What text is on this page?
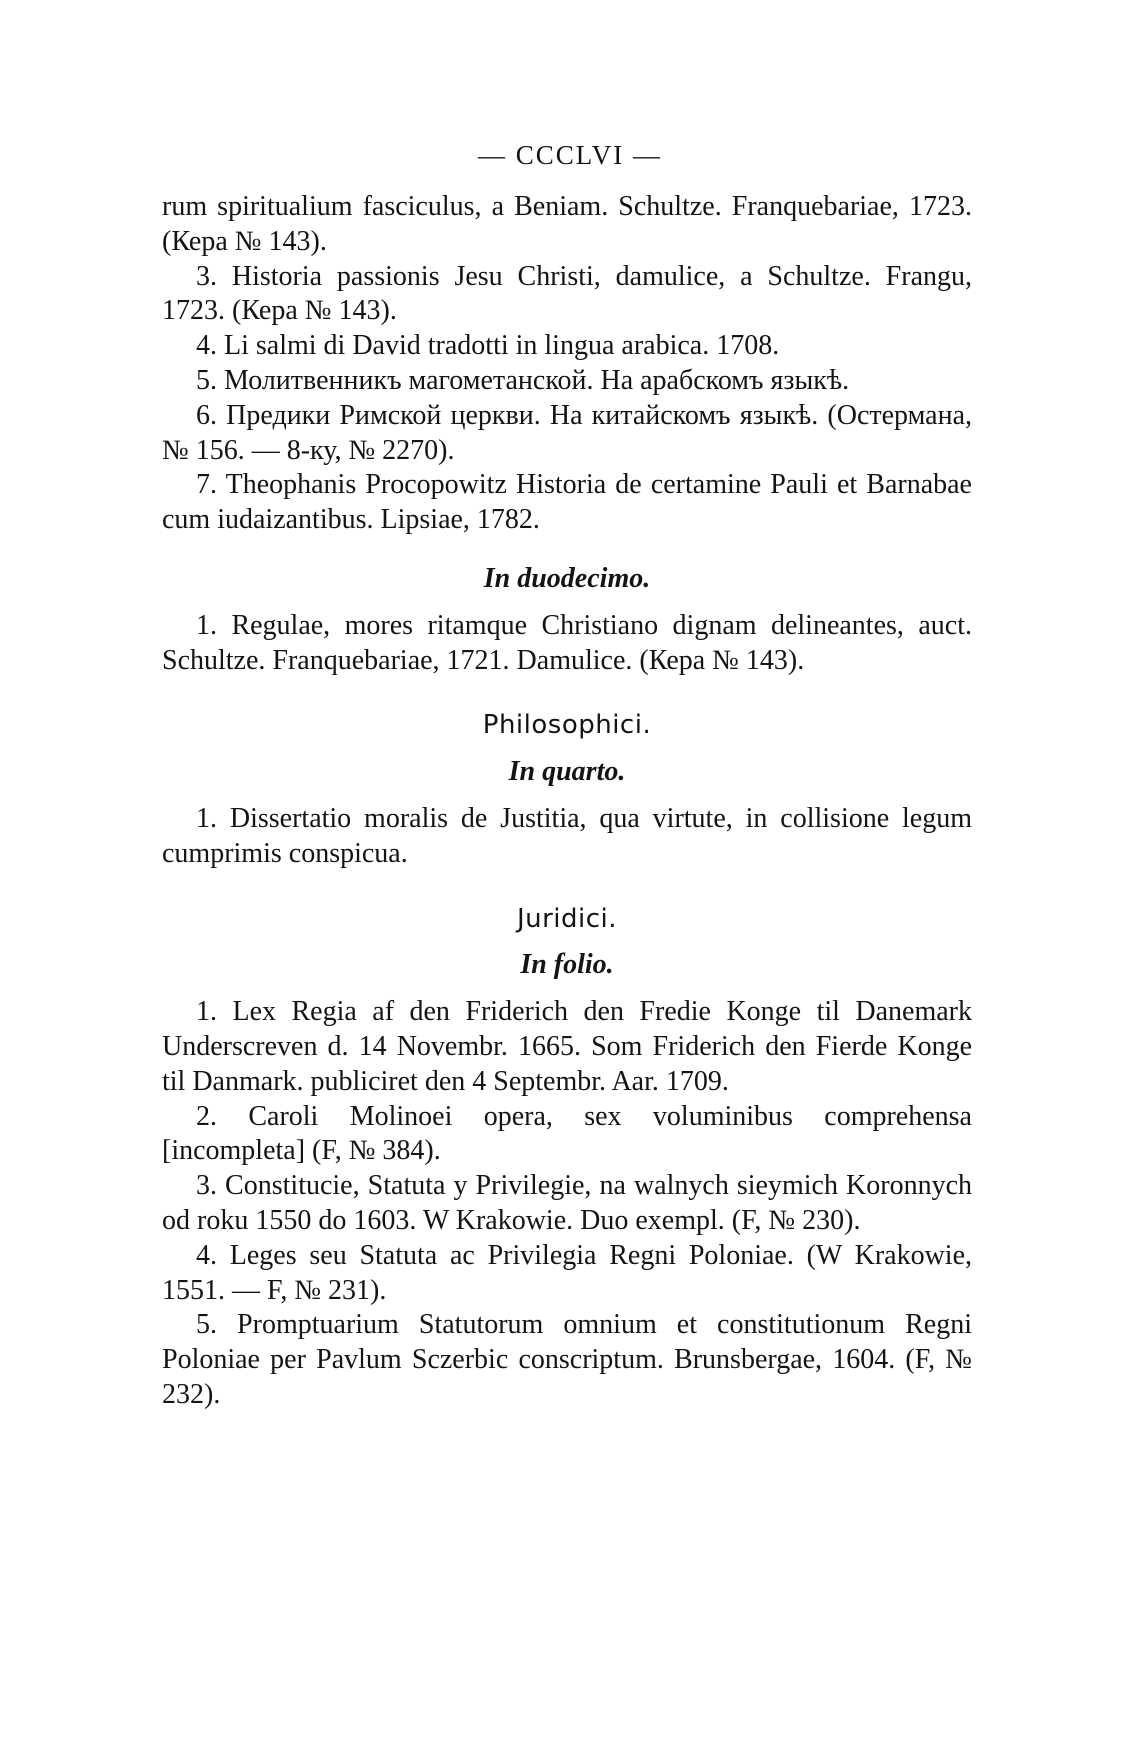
— CCCLVI —

rum spiritualium fasciculus, a Beniam. Schultze. Franquebariae, 1723. (Кера № 143).

3. Historia passionis Jesu Christi, damulice, a Schultze. Frangu, 1723. (Кера № 143).

4. Li salmi di David tradotti in lingua arabica. 1708.

5. Молитвенникъ магометанской. На арабскомъ языкѣ.

6. Предики Римской церкви. На китайскомъ языкѣ. (Остермана, № 156. — 8-ку, № 2270).

7. Theophanis Procopowitz Historia de certamine Pauli et Barnabae cum iudaizantibus. Lipsiae, 1782.

In duodecimo.

1. Regulae, mores ritamque Christiano dignam delineantes, auct. Schultze. Franquebariae, 1721. Damulice. (Кера № 143).

Philosophici.

In quarto.

1. Dissertatio moralis de Justitia, qua virtute, in collisione legum cumprimis conspicua.

Juridici.

In folio.

1. Lex Regia af den Friderich den Fredie Konge til Danemark Underscreven d. 14 Novembr. 1665. Som Friderich den Fierde Konge til Danmark. publiciret den 4 Septembr. Aar. 1709.

2. Caroli Molinoei opera, sex voluminibus comprehensa [incompleta] (F, № 384).

3. Constitucie, Statuta y Privilegie, na walnych sieymich Koronnych od roku 1550 do 1603. W Krakowie. Duo exempl. (F, № 230).

4. Leges seu Statuta ac Privilegia Regni Poloniae. (W Krakowie, 1551. — F, № 231).

5. Promptuarium Statutorum omnium et constitutionum Regni Poloniae per Pavlum Sczerbic conscriptum. Brunsbergae, 1604. (F, № 232).
